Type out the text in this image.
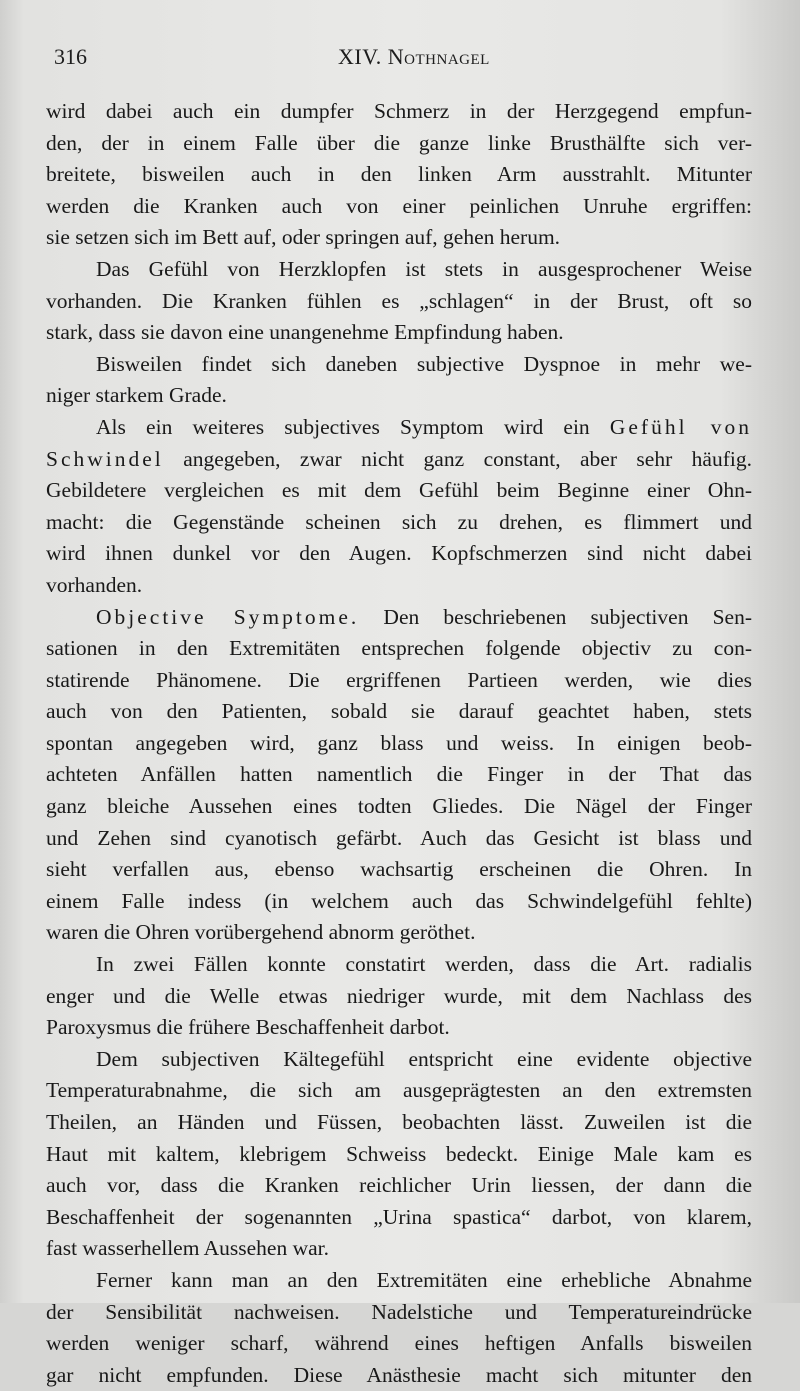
316	XIV. Nothnagel

wird dabei auch ein dumpfer Schmerz in der Herzgegend empfun-
den, der in einem Falle über die ganze linke Brusthälfte sich ver-
breitete, bisweilen auch in den linken Arm ausstrahlt. Mitunter
werden die Kranken auch von einer peinlichen Unruhe ergriffen:
sie setzen sich im Bett auf, oder springen auf, gehen herum.

Das Gefühl von Herzklopfen ist stets in ausgesprochener Weise
vorhanden. Die Kranken fühlen es „schlagen“ in der Brust, oft so
stark, dass sie davon eine unangenehme Empfindung haben.

Bisweilen findet sich daneben subjective Dyspnoe in mehr we-
niger starkem Grade.

Als ein weiteres subjectives Symptom wird ein Gefühl von
Schwindel angegeben, zwar nicht ganz constant, aber sehr häufig.
Gebildetere vergleichen es mit dem Gefühl beim Beginne einer Ohn-
macht: die Gegenstände scheinen sich zu drehen, es flimmert und
wird ihnen dunkel vor den Augen. Kopfschmerzen sind nicht dabei
vorhanden.

Objective Symptome. Den beschriebenen subjectiven Sen-
sationen in den Extremitäten entsprechen folgende objectiv zu con-
statirende Phänomene. Die ergriffenen Partieen werden, wie dies
auch von den Patienten, sobald sie darauf geachtet haben, stets
spontan angegeben wird, ganz blass und weiss. In einigen beob-
achteten Anfällen hatten namentlich die Finger in der That das
ganz bleiche Aussehen eines todten Gliedes. Die Nägel der Finger
und Zehen sind cyanotisch gefärbt. Auch das Gesicht ist blass und
sieht verfallen aus, ebenso wachsartig erscheinen die Ohren. In
einem Falle indess (in welchem auch das Schwindelgefühl fehlte)
waren die Ohren vorübergehend abnorm geröthet.

In zwei Fällen konnte constatirt werden, dass die Art. radialis
enger und die Welle etwas niedriger wurde, mit dem Nachlass des
Paroxysmus die frühere Beschaffenheit darbot.

Dem subjectiven Kältegefühl entspricht eine evidente objective
Temperaturabnahme, die sich am ausgeprägtesten an den extremsten
Theilen, an Händen und Füssen, beobachten lässt. Zuweilen ist die
Haut mit kaltem, klebrigem Schweiss bedeckt. Einige Male kam es
auch vor, dass die Kranken reichlicher Urin liessen, der dann die
Beschaffenheit der sogenannten „Urina spastica“ darbot, von klarem,
fast wasserhellem Aussehen war.

Ferner kann man an den Extremitäten eine erhebliche Abnahme
der Sensibilität nachweisen. Nadelstiche und Temperatureindrücke
werden weniger scharf, während eines heftigen Anfalls bisweilen
gar nicht empfunden. Diese Anästhesie macht sich mitunter den
